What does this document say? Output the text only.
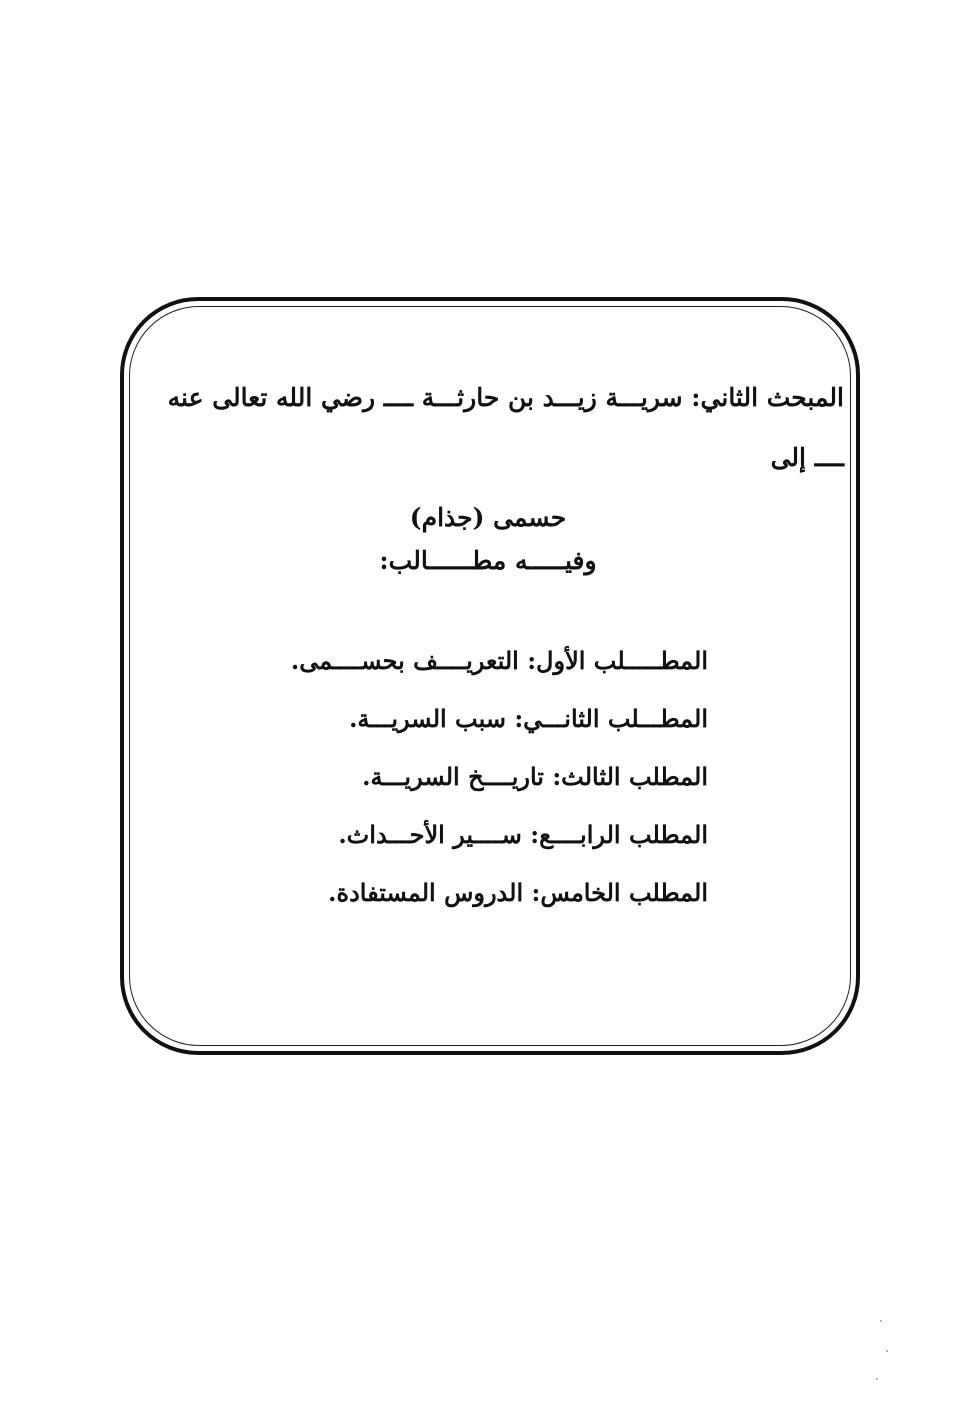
المبحث الثاني: سريـــة زيـــد بن حارثـــة ــــ رضي الله تعالى عنه ــــ إلى
حسمى (جذام)
وفيـــــه مطــــــالب:
المطـــــلب الأول: التعريــــف بحســــمى.
المطـــلب الثانـــي: سبب السريـــة.
المطلب الثالث: تاريــــخ السريـــة.
المطلب الرابــــع: ســــير الأحـــداث.
المطلب الخامس: الدروس المستفادة.
